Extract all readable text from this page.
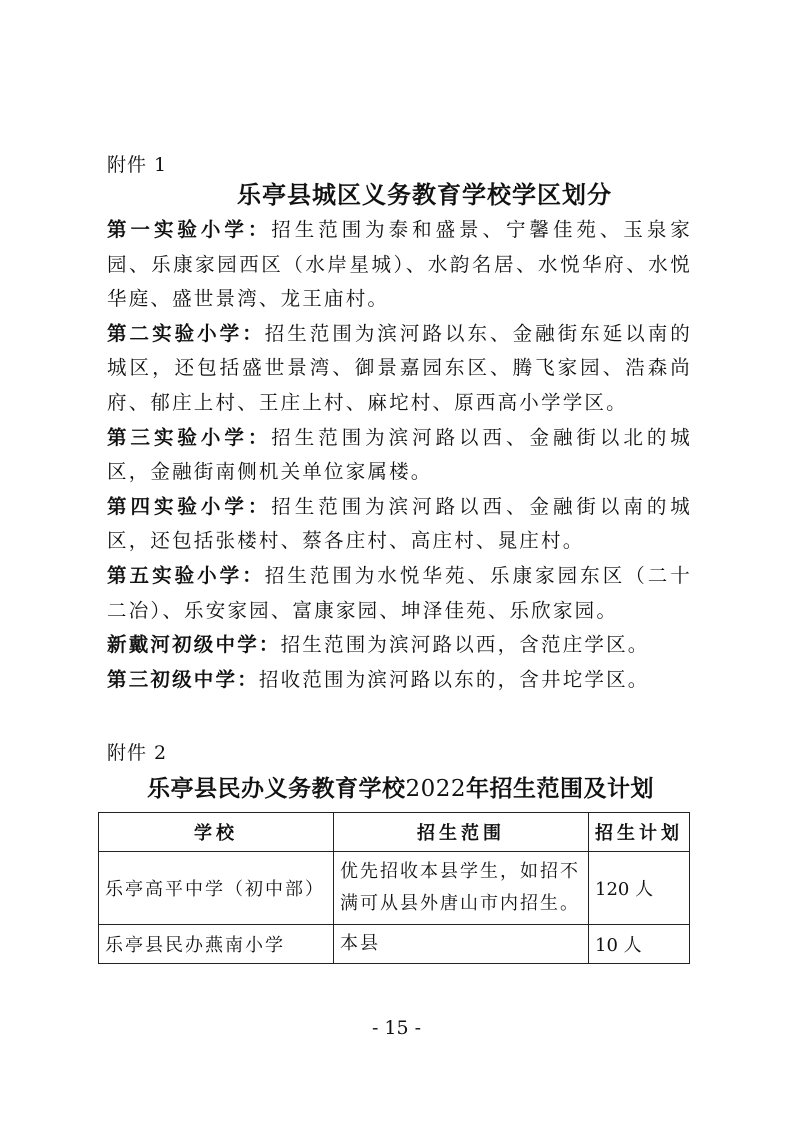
附件 1
乐亭县城区义务教育学校学区划分

第一实验小学：招生范围为泰和盛景、宁馨佳苑、玉泉家园、乐康家园西区（水岸星城）、水韵名居、水悦华府、水悦华庭、盛世景湾、龙王庙村。

第二实验小学：招生范围为滨河路以东、金融街东延以南的城区，还包括盛世景湾、御景嘉园东区、腾飞家园、浩森尚府、郁庄上村、王庄上村、麻坨村、原西高小学学区。

第三实验小学：招生范围为滨河路以西、金融街以北的城区，金融街南侧机关单位家属楼。

第四实验小学：招生范围为滨河路以西、金融街以南的城区，还包括张楼村、蔡各庄村、高庄村、晁庄村。

第五实验小学：招生范围为水悦华苑、乐康家园东区（二十二冶）、乐安家园、富康家园、坤泽佳苑、乐欣家园。

新戴河初级中学：招生范围为滨河路以西，含范庄学区。

第三初级中学：招收范围为滨河路以东的，含井坨学区。

附件 2
乐亭县民办义务教育学校2022年招生范围及计划
学校	招生范围	招生计划
乐亭高平中学（初中部）	优先招收本县学生，如招不满可从县外唐山市内招生。	120 人
乐亭县民办燕南小学	本县	10 人
- 15 -
